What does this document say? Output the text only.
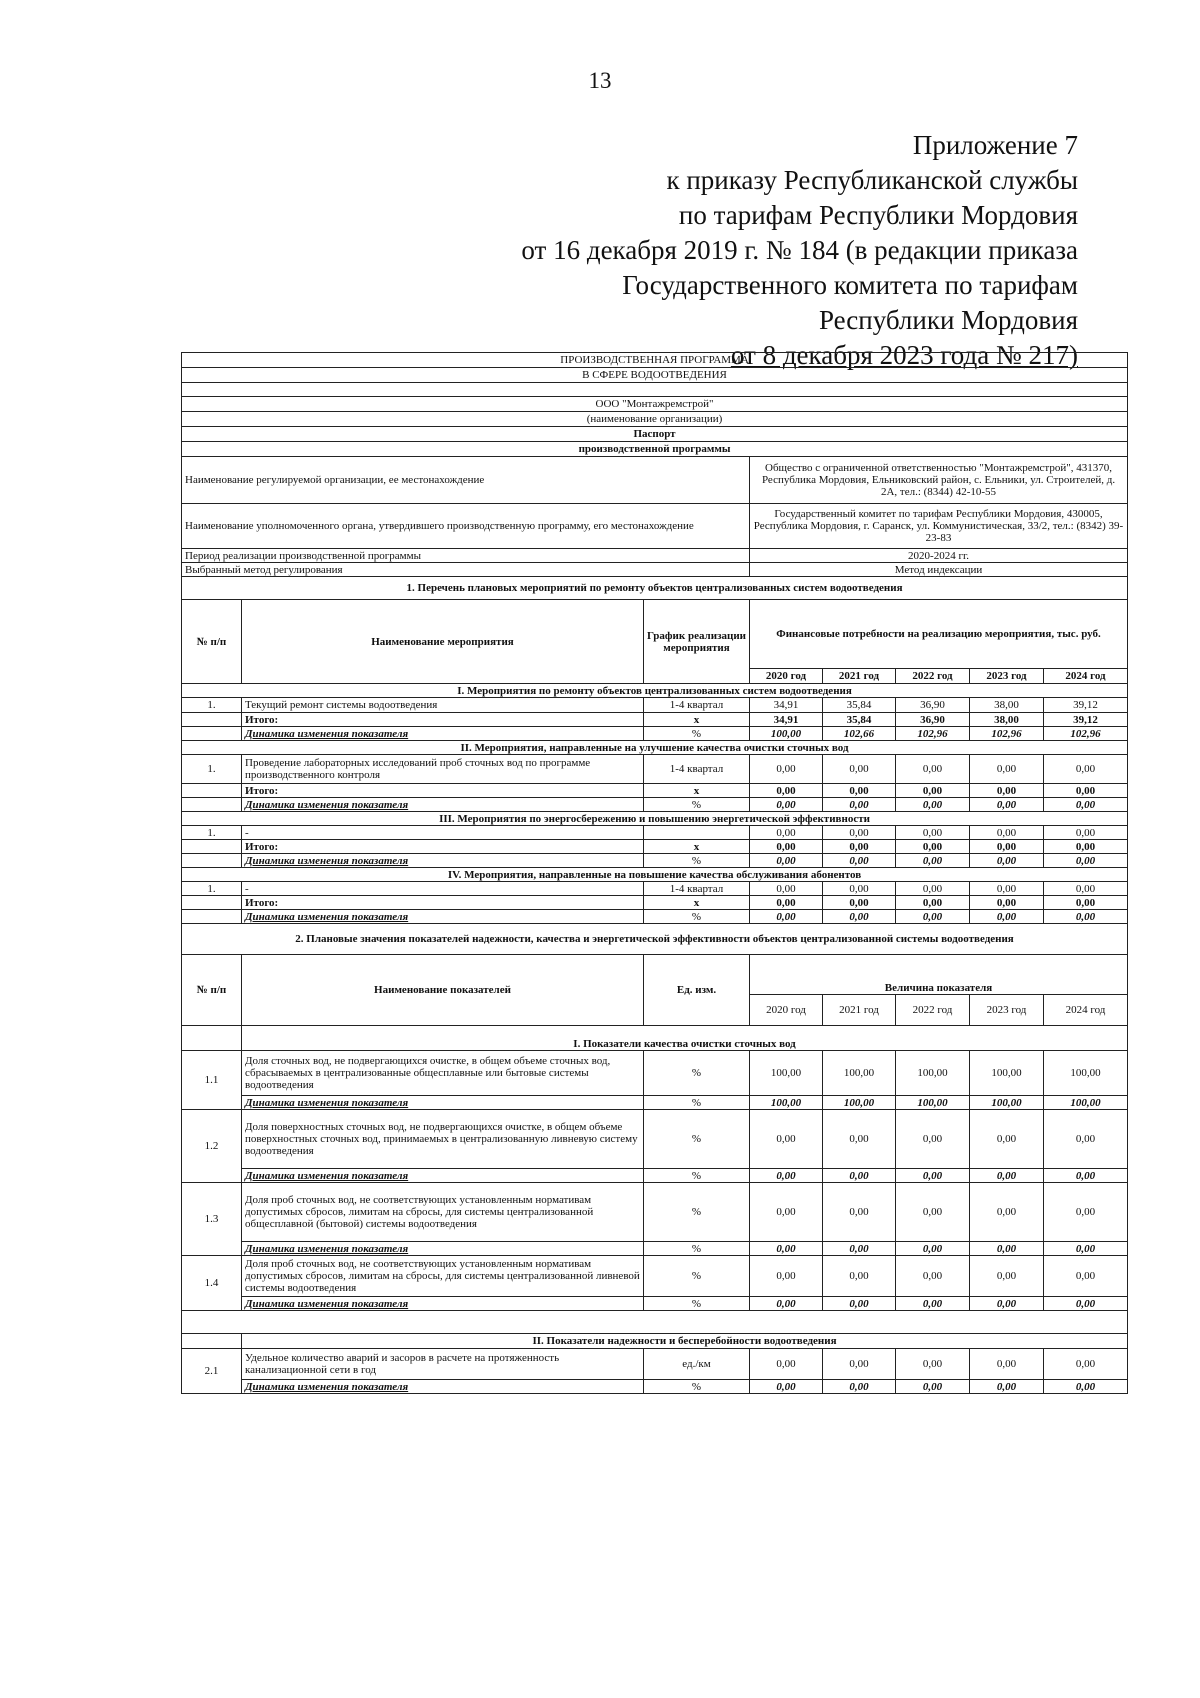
13
Приложение 7
к приказу Республиканской службы
по тарифам Республики Мордовия
от 16 декабря 2019 г. № 184 (в редакции приказа
Государственного комитета по тарифам
Республики Мордовия
от 8 декабря 2023 года № 217)
ПРОИЗВОДСТВЕННАЯ ПРОГРАММА							
В СФЕРЕ ВОДООТВЕДЕНИЯ							

ООО "Монтажремстрой"							
(наименование организации)							
Паспорт							
производственной программы							
Наименование регулируемой организации, ее местонахождение			Общество с ограниченной ответственностью "Монтажремстрой", 431370, Республика Мордовия, Ельниковский район, с. Ельники, ул. Строителей, д. 2А, тел.: (8344) 42-10-55				
Наименование уполномоченного органа, утвердившего производственную программу, его местонахождение			Государственный комитет по тарифам Республики Мордовия, 430005, Республика Мордовия, г. Саранск, ул. Коммунистическая, 33/2, тел.: (8342) 39-23-83				
Период реализации производственной программы			2020-2024 гг.				
Выбранный метод регулирования			Метод индексации				
1. Перечень плановых мероприятий по ремонту объектов централизованных систем водоотведения							
№ п/п	Наименование мероприятия	График реализации мероприятия	Финансовые потребности на реализацию мероприятия, тыс. руб.				
			2020 год	2021 год	2022 год	2023 год	2024 год
I. Мероприятия по ремонту объектов централизованных систем водоотведения							
1.	Текущий ремонт системы водоотведения	1-4 квартал	34,91	35,84	36,90	38,00	39,12
	Итого:	х	34,91	35,84	36,90	38,00	39,12
	Динамика изменения показателя	%	100,00	102,66	102,96	102,96	102,96
II. Мероприятия, направленные на улучшение качества очистки сточных вод							
1.	Проведение лабораторных исследований проб сточных вод по программе производственного контроля	1-4 квартал	0,00	0,00	0,00	0,00	0,00
	Итого:	х	0,00	0,00	0,00	0,00	0,00
	Динамика изменения показателя	%	0,00	0,00	0,00	0,00	0,00
III. Мероприятия по энергосбережению и повышению энергетической эффективности							
1.	-		0,00	0,00	0,00	0,00	0,00
	Итого:	х	0,00	0,00	0,00	0,00	0,00
	Динамика изменения показателя	%	0,00	0,00	0,00	0,00	0,00
IV. Мероприятия, направленные на повышение качества обслуживания абонентов							
1.	-	1-4 квартал	0,00	0,00	0,00	0,00	0,00
	Итого:	х	0,00	0,00	0,00	0,00	0,00
	Динамика изменения показателя	%	0,00	0,00	0,00	0,00	0,00
2. Плановые значения показателей надежности, качества и энергетической эффективности объектов централизованной системы водоотведения							
№ п/п	Наименование показателей	Ед. изм.	Величина показателя				
			2020 год	2021 год	2022 год	2023 год	2024 год
	I. Показатели качества очистки сточных вод						
1.1	Доля сточных вод, не подвергающихся очистке, в общем объеме сточных вод, сбрасываемых в централизованные общесплавные или бытовые системы водоотведения	%	100,00	100,00	100,00	100,00	100,00
	Динамика изменения показателя	%	100,00	100,00	100,00	100,00	100,00
1.2	Доля поверхностных сточных вод, не подвергающихся очистке, в общем объеме поверхностных сточных вод, принимаемых в централизованную ливневую систему водоотведения	%	0,00	0,00	0,00	0,00	0,00
	Динамика изменения показателя	%	0,00	0,00	0,00	0,00	0,00
1.3	Доля проб сточных вод, не соответствующих установленным нормативам допустимых сбросов, лимитам на сбросы, для системы централизованной общесплавной (бытовой) системы водоотведения	%	0,00	0,00	0,00	0,00	0,00
	Динамика изменения показателя	%	0,00	0,00	0,00	0,00	0,00
1.4	Доля проб сточных вод, не соответствующих установленным нормативам допустимых сбросов, лимитам на сбросы, для системы централизованной ливневой системы водоотведения	%	0,00	0,00	0,00	0,00	0,00
	Динамика изменения показателя	%	0,00	0,00	0,00	0,00	0,00

	II. Показатели надежности и бесперебойности водоотведения						
2.1	Удельное количество аварий и засоров в расчете на протяженность канализационной сети в год	ед./км	0,00	0,00	0,00	0,00	0,00
	Динамика изменения показателя	%	0,00	0,00	0,00	0,00	0,00
